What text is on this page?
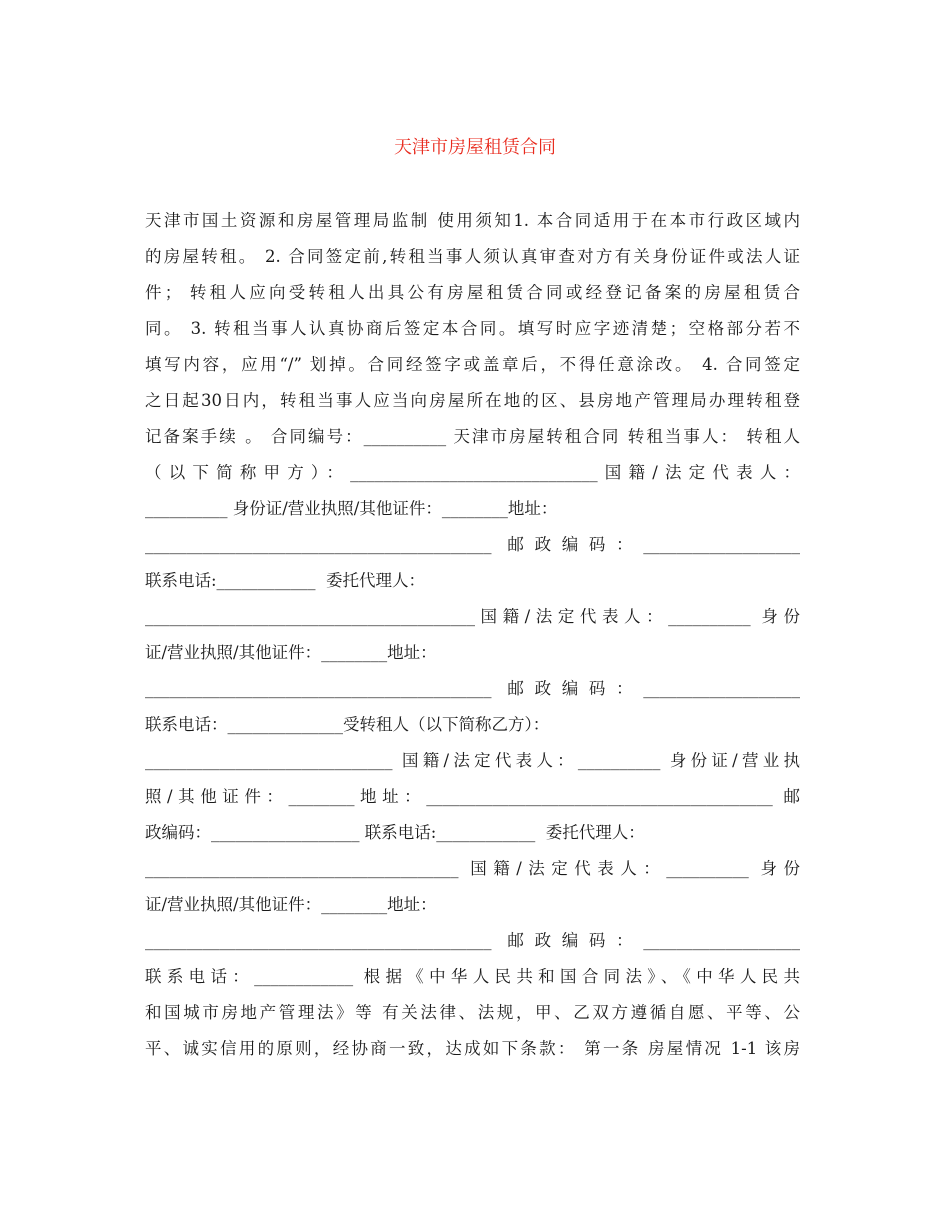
天津市房屋租赁合同
天津市国土资源和房屋管理局监制 使用须知1. 本合同适用于在本市行政区域内
的房屋转租。 2. 合同签定前,转租当事人须认真审查对方有关身份证件或法人证
件； 转租人应向受转租人出具公有房屋租赁合同或经登记备案的房屋租赁合
同。 3. 转租当事人认真协商后签定本合同。填写时应字迹清楚；空格部分若不
填写内容，应用“/” 划掉。合同经签字或盖章后，不得任意涂改。 4. 合同签定
之日起30日内，转租当事人应当向房屋所在地的区、县房地产管理局办理转租登
记备案手续 。 合同编号：__________ 天津市房屋转租合同 转租当事人： 转租人
（以下简称甲方）：______________________________国籍/法定代表人：
__________ 身份证/营业执照/其他证件：________地址：
__________________________________________ 邮政编码：___________________
联系电话:____________  委托代理人：
________________________________________国籍/法定代表人：__________ 身份
证/营业执照/其他证件：________地址：
__________________________________________ 邮政编码：___________________
联系电话：______________受转租人（以下简称乙方）：
______________________________ 国籍/法定代表人：__________ 身份证/营业执
照/其他证件：________地址：__________________________________________ 邮
政编码：__________________ 联系电话:____________  委托代理人：
______________________________________ 国籍/法定代表人：__________ 身份
证/营业执照/其他证件：________地址：
__________________________________________ 邮政编码：___________________
联系电话：____________ 根据《中华人民共和国合同法》、《中华人民共
和国城市房地产管理法》等 有关法律、法规，甲、乙双方遵循自愿、平等、公
平、诚实信用的原则，经协商一致，达成如下条款： 第一条 房屋情况 1-1 该房
